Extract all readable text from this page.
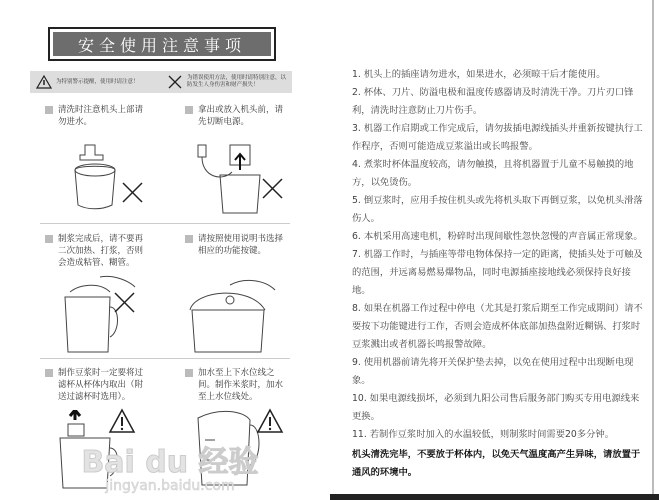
安全使用注意事项
为特别警示提醒，使用时请注意！
为错误使用方法，使用时请特别注意，以防发生人身伤害和财产损失！
清洗时注意机头上部请勿进水。
拿出或放入机头前，请先切断电源。
制浆完成后，请不要再二次加热、打浆，否则会造成粘管、糊管。
请按照使用说明书选择相应的功能按键。
制作豆浆时一定要将过滤杯从杯体内取出（附送过滤杯时选用）。
加水至上下水位线之间。制作米浆时，加水至上水位线处。

1. 机头上的插座请勿进水，如果进水，必须晾干后才能使用。

2. 杯体、刀片、防溢电极和温度传感器请及时清洗干净。刀片刃口锋利，清洗时注意防止刀片伤手。

3. 机器工作启期或工作完成后，请勿拔插电源线插头并重新按键执行工作程序，否则可能造成豆浆溢出或长鸣报警。

4. 煮浆时杯体温度较高，请勿触摸，且将机器置于儿童不易触摸的地方，以免烫伤。

5. 倒豆浆时，应用手按住机头或先将机头取下再倒豆浆，以免机头滑落伤人。

6. 本机采用高速电机，粉碎时出现间歇性忽快忽慢的声音属正常现象。

7. 机器工作时，与插座等带电物体保持一定的距离，使插头处于可触及的范围，并远离易燃易爆物品，同时电源插座接地线必须保持良好接地。

8. 如果在机器工作过程中停电（尤其是打浆后期至工作完成期间）请不要按下功能键进行工作，否则会造成杯体底部加热盘附近糊锅、打浆时豆浆溅出或者机器长鸣报警故障。

9. 使用机器前请先将开关保护垫去掉，以免在使用过程中出现断电现象。

10. 如果电源线损坏，必须到九阳公司售后服务部门购买专用电源线来更换。

11. 若制作豆浆时加入的水温较低，则制浆时间需要20多分钟。

机头清洗完毕，不要放于杯体内，以免天气温度高产生异味，请放置于通风的环境中。

Bai du 经验
jingyan.baidu.com
